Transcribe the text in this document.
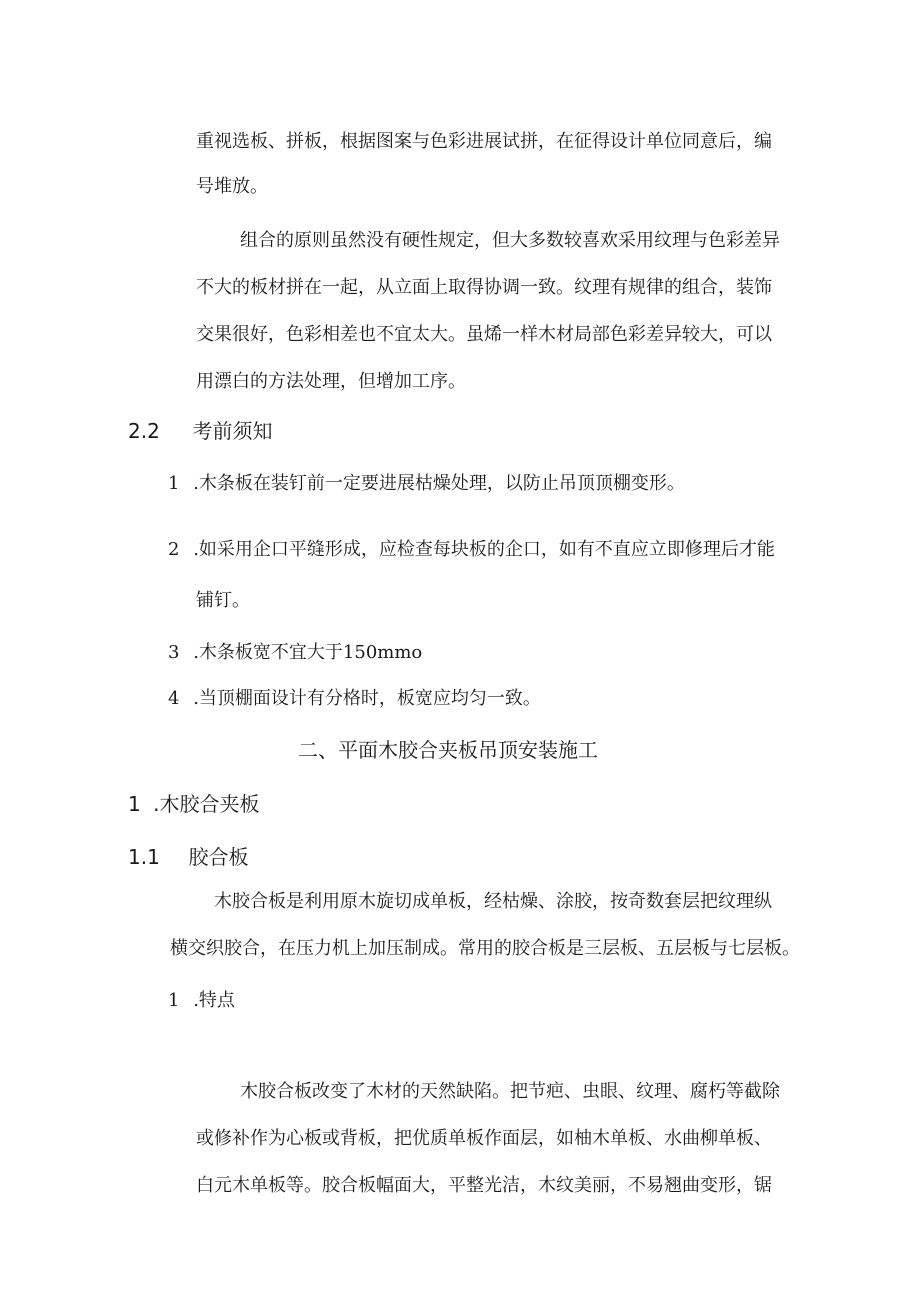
重视选板、拼板，根据图案与色彩进展试拼，在征得设计单位同意后，编
号堆放。
组合的原则虽然没有硬性规定，但大多数较喜欢采用纹理与色彩差异
不大的板材拼在一起，从立面上取得协调一致。纹理有规律的组合，装饰
交果很好，色彩相差也不宜太大。虽烯一样木材局部色彩差异较大，可以
用漂白的方法处理，但增加工序。
2.2 考前须知
1 .木条板在装钉前一定要进展枯燥处理，以防止吊顶顶棚变形。
2 .如采用企口平缝形成，应检查每块板的企口，如有不直应立即修理后才能
铺钉。
3 .木条板宽不宜大于150mmo
4 .当顶棚面设计有分格时，板宽应均匀一致。
二、平面木胶合夹板吊顶安装施工
1 .木胶合夹板
1.1 胶合板
木胶合板是利用原木旋切成单板，经枯燥、涂胶，按奇数套层把纹理纵
横交织胶合，在压力机上加压制成。常用的胶合板是三层板、五层板与七层板。
1 .特点
木胶合板改变了木材的天然缺陷。把节疤、虫眼、纹理、腐朽等截除
或修补作为心板或背板，把优质单板作面层，如柚木单板、水曲柳单板、
白元木单板等。胶合板幅面大，平整光洁，木纹美丽，不易翘曲变形，锯
